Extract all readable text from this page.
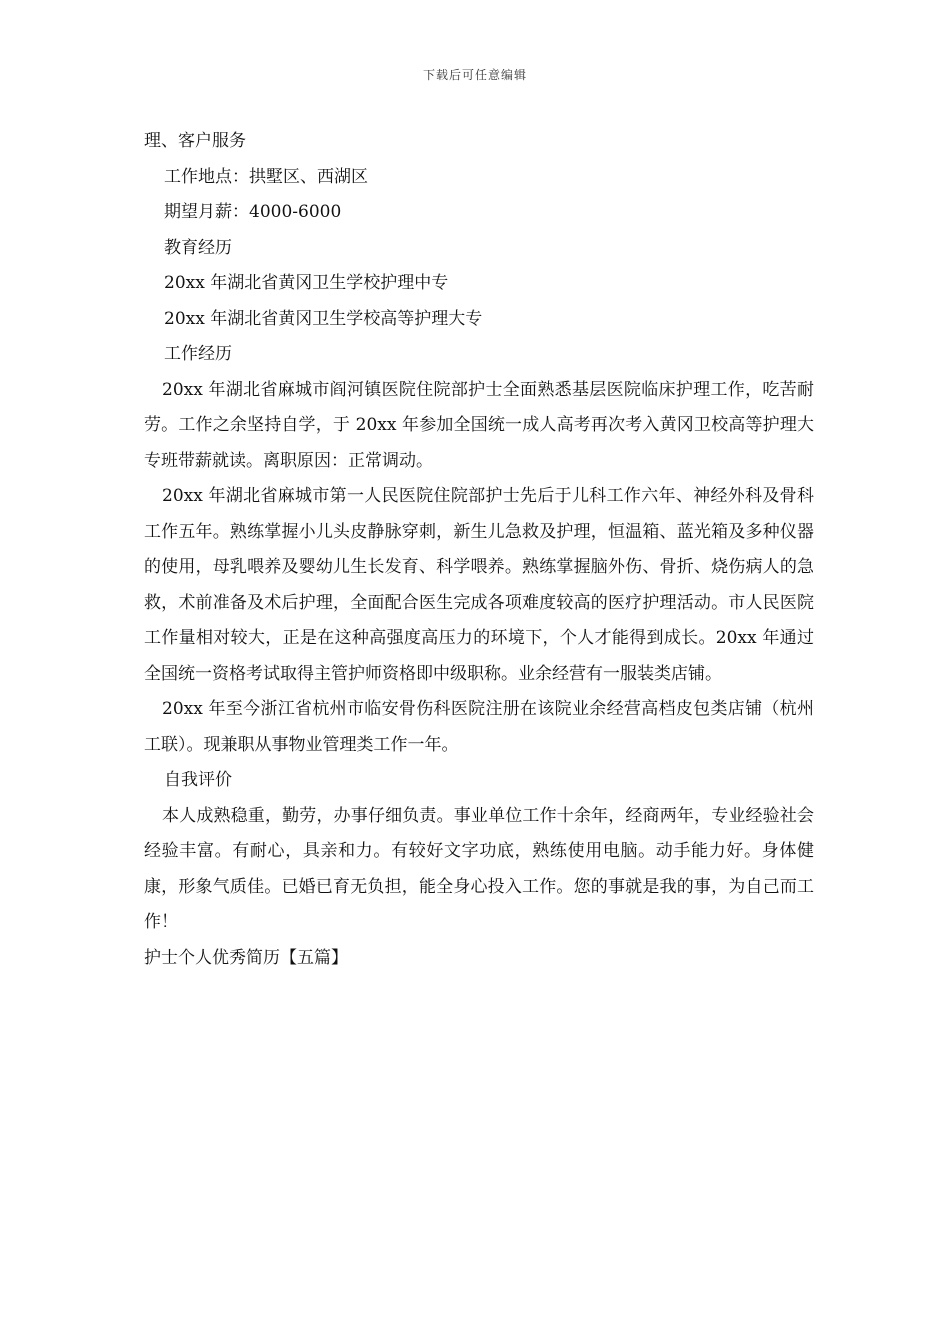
下载后可任意编辑
理、客户服务
工作地点：拱墅区、西湖区
期望月薪：4000-6000
教育经历
20xx 年湖北省黄冈卫生学校护理中专
20xx 年湖北省黄冈卫生学校高等护理大专
工作经历
20xx 年湖北省麻城市阎河镇医院住院部护士全面熟悉基层医院临床护理工作，吃苦耐劳。工作之余坚持自学，于 20xx 年参加全国统一成人高考再次考入黄冈卫校高等护理大专班带薪就读。离职原因：正常调动。
20xx 年湖北省麻城市第一人民医院住院部护士先后于儿科工作六年、神经外科及骨科工作五年。熟练掌握小儿头皮静脉穿刺，新生儿急救及护理，恒温箱、蓝光箱及多种仪器的使用，母乳喂养及婴幼儿生长发育、科学喂养。熟练掌握脑外伤、骨折、烧伤病人的急救，术前准备及术后护理，全面配合医生完成各项难度较高的医疗护理活动。市人民医院工作量相对较大，正是在这种高强度高压力的环境下，个人才能得到成长。20xx 年通过全国统一资格考试取得主管护师资格即中级职称。业余经营有一服装类店铺。
20xx 年至今浙江省杭州市临安骨伤科医院注册在该院业余经营高档皮包类店铺（杭州工联）。现兼职从事物业管理类工作一年。
自我评价
本人成熟稳重，勤劳，办事仔细负责。事业单位工作十余年，经商两年，专业经验社会经验丰富。有耐心，具亲和力。有较好文字功底，熟练使用电脑。动手能力好。身体健康，形象气质佳。已婚已育无负担，能全身心投入工作。您的事就是我的事，为自己而工作！
护士个人优秀简历【五篇】
